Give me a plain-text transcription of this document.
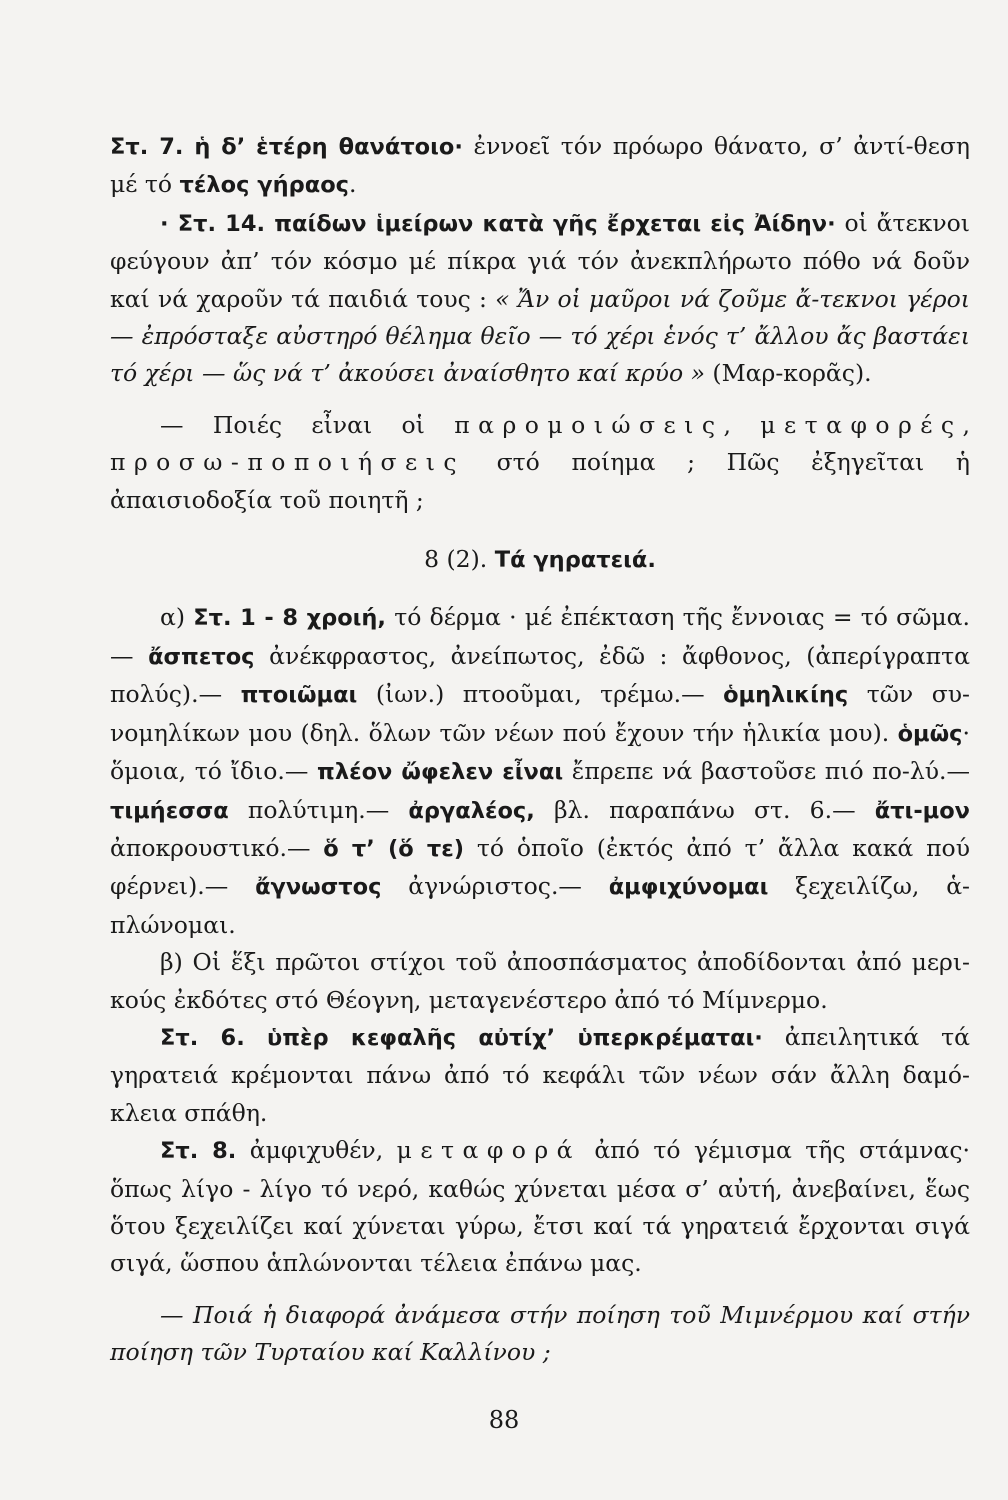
Στ. 7. ἡ δ’ ἑτέρη θανάτοιο· ἐννοεῖ τόν πρόωρο θάνατο, σ’ ἀντί-θεση μέ τό τέλος γήραος.

· Στ. 14. παίδων ἱμείρων κατὰ γῆς ἔρχεται εἰς Ἀίδην· οἱ ἄτεκνοι φεύγουν ἀπ’ τόν κόσμο μέ πίκρα γιά τόν ἀνεκπλήρωτο πόθο νά δοῦν καί νά χαροῦν τά παιδιά τους : « Ἄν οἱ μαῦροι νά ζοῦμε ἄ-τεκνοι γέροι — ἐπρόσταξε αὐστηρό θέλημα θεῖο — τό χέρι ἑνός τ’ ἄλλου ἄς βαστάει τό χέρι — ὥς νά τ’ ἀκούσει ἀναίσθητο καί κρύο » (Μαρ-κορᾶς).

— Ποιές εἶναι οἱ παρομοιώσεις, μεταφορές, προσω-ποποιήσεις στό ποίημα ; Πῶς ἐξηγεῖται ἡ ἀπαισιοδοξία τοῦ ποιητῆ ;

8 (2). Τά γηρατειά.

α) Στ. 1 - 8 χροιή, τό δέρμα · μέ ἐπέκταση τῆς ἔννοιας = τό σῶμα. — ἄσπετος ἀνέκφραστος, ἀνείπωτος, ἐδῶ : ἄφθονος, (ἀπερίγραπτα πολύς).— πτοιῶμαι (ἰων.) πτοοῦμαι, τρέμω.— ὁμηλικίης τῶν συ-νομηλίκων μου (δηλ. ὅλων τῶν νέων πού ἔχουν τήν ἡλικία μου). ὁμῶς· ὅμοια, τό ἴδιο.— πλέον ὤφελεν εἶναι ἔπρεπε νά βαστοῦσε πιό πο-λύ.— τιμήεσσα πολύτιμη.— ἀργαλέος, βλ. παραπάνω στ. 6.— ἄτι-μον ἀποκρουστικό.— ὅ τ’ (ὅ τε) τό ὁποῖο (ἐκτός ἀπό τ’ ἄλλα κακά πού φέρνει).— ἄγνωστος ἀγνώριστος.— ἀμφιχύνομαι ξεχειλίζω, ἁ-πλώνομαι.

β) Οἱ ἕξι πρῶτοι στίχοι τοῦ ἀποσπάσματος ἀποδίδονται ἀπό μερι-κούς ἐκδότες στό Θέογνη, μεταγενέστερο ἀπό τό Μίμνερμο.

Στ. 6. ὑπὲρ κεφαλῆς αὐτίχ’ ὑπερκρέμαται· ἀπειλητικά τά γηρατειά κρέμονται πάνω ἀπό τό κεφάλι τῶν νέων σάν ἄλλη δαμό-κλεια σπάθη.

Στ. 8. ἀμφιχυθέν, μεταφορά ἀπό τό γέμισμα τῆς στάμνας· ὅπως λίγο - λίγο τό νερό, καθώς χύνεται μέσα σ’ αὐτή, ἀνεβαίνει, ἕως ὅτου ξεχειλίζει καί χύνεται γύρω, ἔτσι καί τά γηρατειά ἔρχονται σιγά σιγά, ὥσπου ἁπλώνονται τέλεια ἐπάνω μας.

— Ποιά ἡ διαφορά ἀνάμεσα στήν ποίηση τοῦ Μιμνέρμου καί στήν ποίηση τῶν Τυρταίου καί Καλλίνου ;

88
